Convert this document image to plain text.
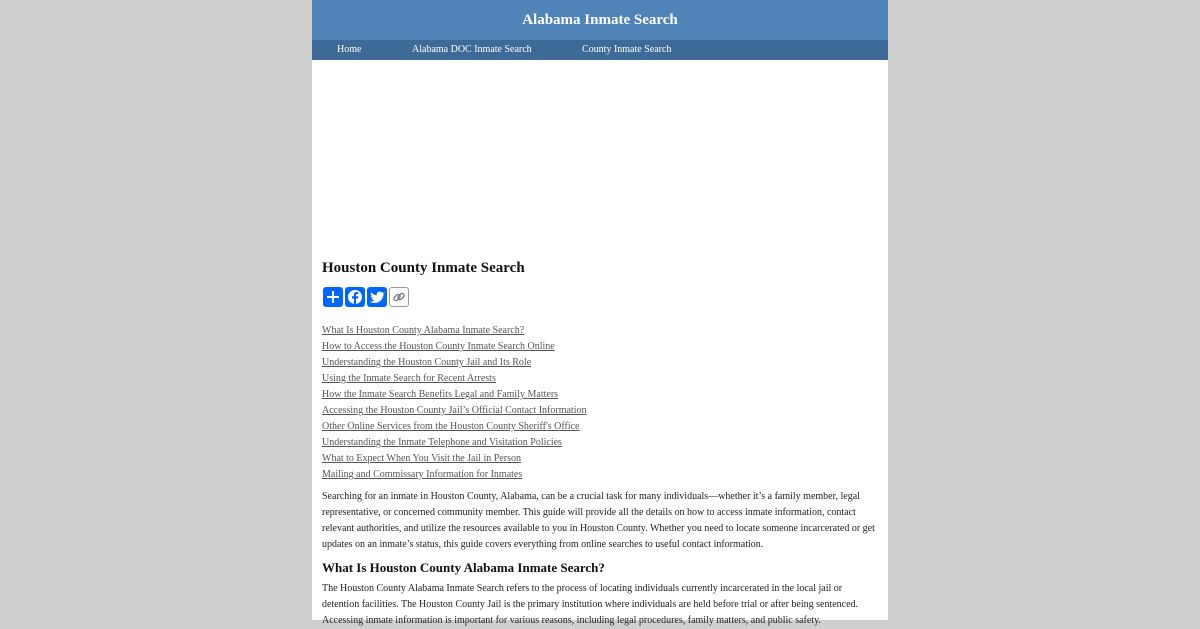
Alabama Inmate Search
Home	Alabama DOC Inmate Search	County Inmate Search
Houston County Inmate Search
What Is Houston County Alabama Inmate Search?
How to Access the Houston County Inmate Search Online
Understanding the Houston County Jail and Its Role
Using the Inmate Search for Recent Arrests
How the Inmate Search Benefits Legal and Family Matters
Accessing the Houston County Jail’s Official Contact Information
Other Online Services from the Houston County Sheriff's Office
Understanding the Inmate Telephone and Visitation Policies
What to Expect When You Visit the Jail in Person
Mailing and Commissary Information for Inmates

Searching for an inmate in Houston County, Alabama, can be a crucial task for many individuals—whether it’s a family member, legal representative, or concerned community member. This guide will provide all the details on how to access inmate information, contact relevant authorities, and utilize the resources available to you in Houston County. Whether you need to locate someone incarcerated or get updates on an inmate’s status, this guide covers everything from online searches to useful contact information.

What Is Houston County Alabama Inmate Search?

The Houston County Alabama Inmate Search refers to the process of locating individuals currently incarcerated in the local jail or detention facilities. The Houston County Jail is the primary institution where individuals are held before trial or after being sentenced. Accessing inmate information is important for various reasons, including legal procedures, family matters, and public safety.
